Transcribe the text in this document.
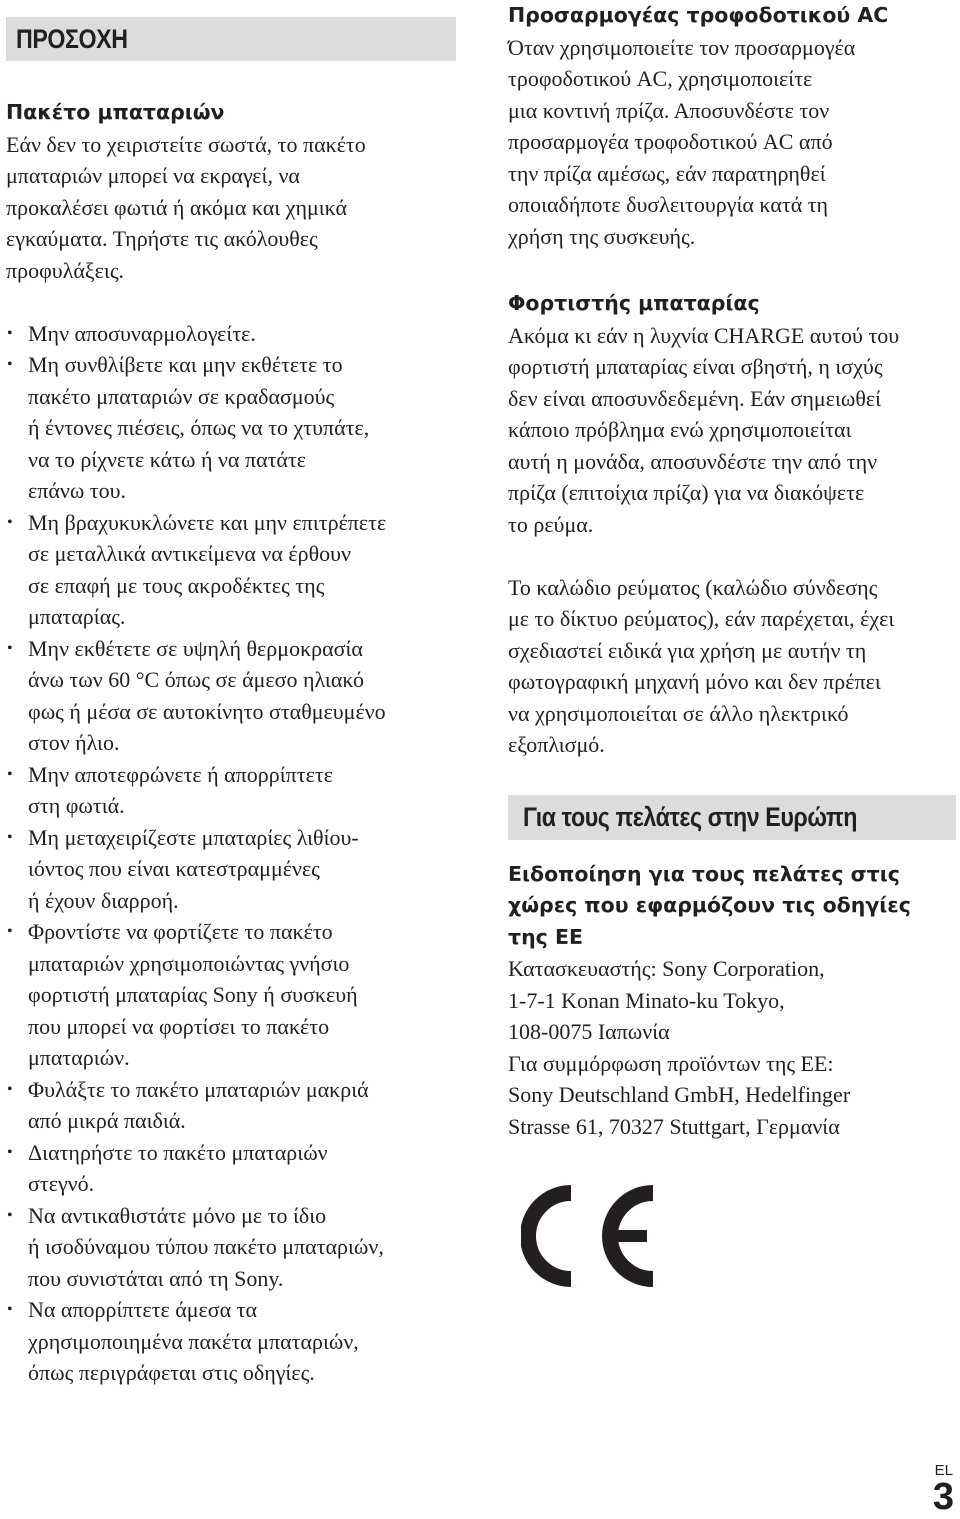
ΠΡΟΣΟΧΗ

Πακέτο μπαταριών

Εάν δεν το χειριστείτε σωστά, το πακέτο
μπαταριών μπορεί να εκραγεί, να
προκαλέσει φωτιά ή ακόμα και χημικά
εγκαύματα. Τηρήστε τις ακόλουθες
προφυλάξεις.
• Μην αποσυναρμολογείτε.
• Μη συνθλίβετε και μην εκθέτετε το
πακέτο μπαταριών σε κραδασμούς
ή έντονες πιέσεις, όπως να το χτυπάτε,
να το ρίχνετε κάτω ή να πατάτε
επάνω του.
• Μη βραχυκυκλώνετε και μην επιτρέπετε
σε μεταλλικά αντικείμενα να έρθουν
σε επαφή με τους ακροδέκτες της
μπαταρίας.
• Μην εκθέτετε σε υψηλή θερμοκρασία
άνω των 60 °C όπως σε άμεσο ηλιακό
φως ή μέσα σε αυτοκίνητο σταθμευμένο
στον ήλιο.
• Μην αποτεφρώνετε ή απορρίπτετε
στη φωτιά.
• Μη μεταχειρίζεστε μπαταρίες λιθίου-
ιόντος που είναι κατεστραμμένες
ή έχουν διαρροή.
• Φροντίστε να φορτίζετε το πακέτο
μπαταριών χρησιμοποιώντας γνήσιο
φορτιστή μπαταρίας Sony ή συσκευή
που μπορεί να φορτίσει το πακέτο
μπαταριών.
• Φυλάξτε το πακέτο μπαταριών μακριά
από μικρά παιδιά.
• Διατηρήστε το πακέτο μπαταριών
στεγνό.
• Να αντικαθιστάτε μόνο με το ίδιο
ή ισοδύναμου τύπου πακέτο μπαταριών,
που συνιστάται από τη Sony.
• Να απορρίπτετε άμεσα τα
χρησιμοποιημένα πακέτα μπαταριών,
όπως περιγράφεται στις οδηγίες.

Προσαρμογέας τροφοδοτικού AC

Όταν χρησιμοποιείτε τον προσαρμογέα
τροφοδοτικού AC, χρησιμοποιείτε
μια κοντινή πρίζα. Αποσυνδέστε τον
προσαρμογέα τροφοδοτικού AC από
την πρίζα αμέσως, εάν παρατηρηθεί
οποιαδήποτε δυσλειτουργία κατά τη
χρήση της συσκευής.

Φορτιστής μπαταρίας

Ακόμα κι εάν η λυχνία CHARGE αυτού του
φορτιστή μπαταρίας είναι σβηστή, η ισχύς
δεν είναι αποσυνδεδεμένη. Εάν σημειωθεί
κάποιο πρόβλημα ενώ χρησιμοποιείται
αυτή η μονάδα, αποσυνδέστε την από την
πρίζα (επιτοίχια πρίζα) για να διακόψετε
το ρεύμα.
Το καλώδιο ρεύματος (καλώδιο σύνδεσης
με το δίκτυο ρεύματος), εάν παρέχεται, έχει
σχεδιαστεί ειδικά για χρήση με αυτήν τη
φωτογραφική μηχανή μόνο και δεν πρέπει
να χρησιμοποιείται σε άλλο ηλεκτρικό
εξοπλισμό.
Για τους πελάτες στην Ευρώπη
Ειδοποίηση για τους πελάτες στις
χώρες που εφαρμόζουν τις οδηγίες
της ΕΕ
Κατασκευαστής: Sony Corporation,
1-7-1 Konan Minato-ku Tokyo,
108-0075 Ιαπωνία
Για συμμόρφωση προϊόντων της ΕΕ:
Sony Deutschland GmbH, Hedelfinger
Strasse 61, 70327 Stuttgart, Γερμανία
EL
3
